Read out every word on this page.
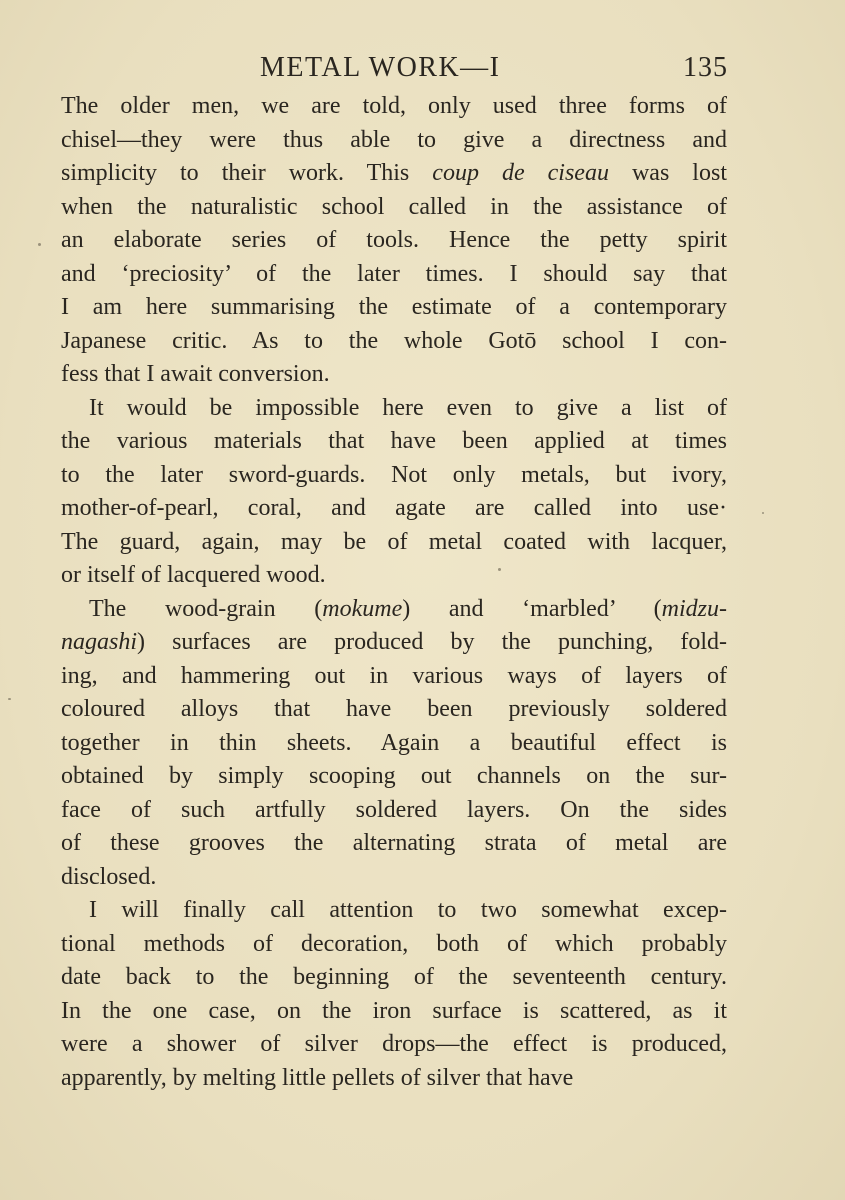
METAL WORK—I	135
The older men, we are told, only used three forms of
chisel—they were thus able to give a directness and
simplicity to their work. This coup de ciseau was lost
when the naturalistic school called in the assistance of
an elaborate series of tools. Hence the petty spirit
and ‘preciosity’ of the later times. I should say that
I am here summarising the estimate of a contemporary
Japanese critic. As to the whole Gotō school I con-
fess that I await conversion.
It would be impossible here even to give a list of
the various materials that have been applied at times
to the later sword-guards. Not only metals, but ivory,
mother-of-pearl, coral, and agate are called into use·
The guard, again, may be of metal coated with lacquer,
or itself of lacquered wood.
The wood-grain (mokume) and ‘marbled’ (midzu-
nagashi) surfaces are produced by the punching, fold-
ing, and hammering out in various ways of layers of
coloured alloys that have been previously soldered
together in thin sheets. Again a beautiful effect is
obtained by simply scooping out channels on the sur-
face of such artfully soldered layers. On the sides
of these grooves the alternating strata of metal are
disclosed.
I will finally call attention to two somewhat excep-
tional methods of decoration, both of which probably
date back to the beginning of the seventeenth century.
In the one case, on the iron surface is scattered, as it
were a shower of silver drops—the effect is produced,
apparently, by melting little pellets of silver that have
